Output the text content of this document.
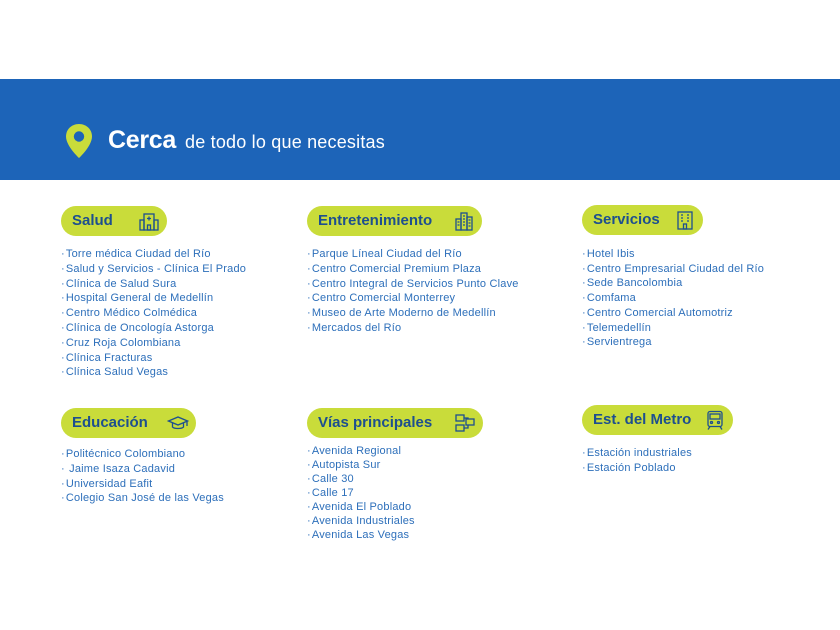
Cerca de todo lo que necesitas
Salud
· Torre médica Ciudad del Río
· Salud y Servicios - Clínica El Prado
· Clínica de Salud Sura
· Hospital General de Medellín
· Centro Médico Colmédica
· Clínica de Oncología Astorga
· Cruz Roja Colombiana
· Clínica Fracturas
· Clínica Salud Vegas
Entretenimiento
· Parque Líneal Ciudad del Río
· Centro Comercial Premium Plaza
· Centro Integral de Servicios Punto Clave
· Centro Comercial Monterrey
· Museo de Arte Moderno de Medellín
· Mercados del Río
Servicios
· Hotel Ibis
· Centro Empresarial Ciudad del Río
· Sede Bancolombia
· Comfama
· Centro Comercial Automotriz
· Telemedellín
· Servientrega
Educación
· Politécnico Colombiano
· Jaime Isaza Cadavid
· Universidad Eafit
· Colegio San José de las Vegas
Vías principales
· Avenida Regional
· Autopista Sur
· Calle 30
· Calle 17
· Avenida El Poblado
· Avenida Industriales
· Avenida Las Vegas
Est. del Metro
· Estación industriales
· Estación Poblado
